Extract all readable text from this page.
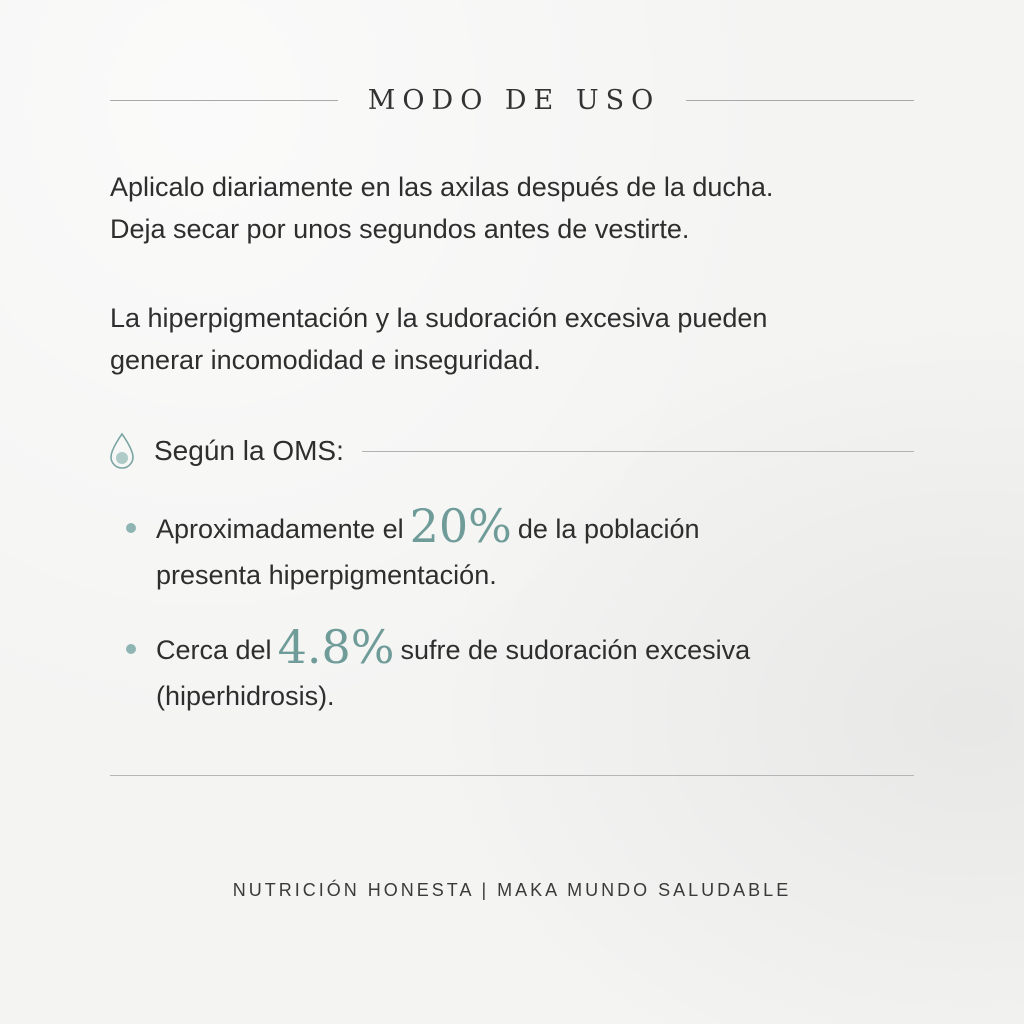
MODO DE USO

Aplicalo diariamente en las axilas después de la ducha.

Deja secar por unos segundos antes de vestirte.

La hiperpigmentación y la sudoración excesiva pueden

generar incomodidad e inseguridad.

Según la OMS:
Aproximadamente el 20% de la población
presenta hiperpigmentación.
Cerca del 4.8% sufre de sudoración excesiva
(hiperhidrosis).
NUTRICIÓN HONESTA | MAKA MUNDO SALUDABLE
